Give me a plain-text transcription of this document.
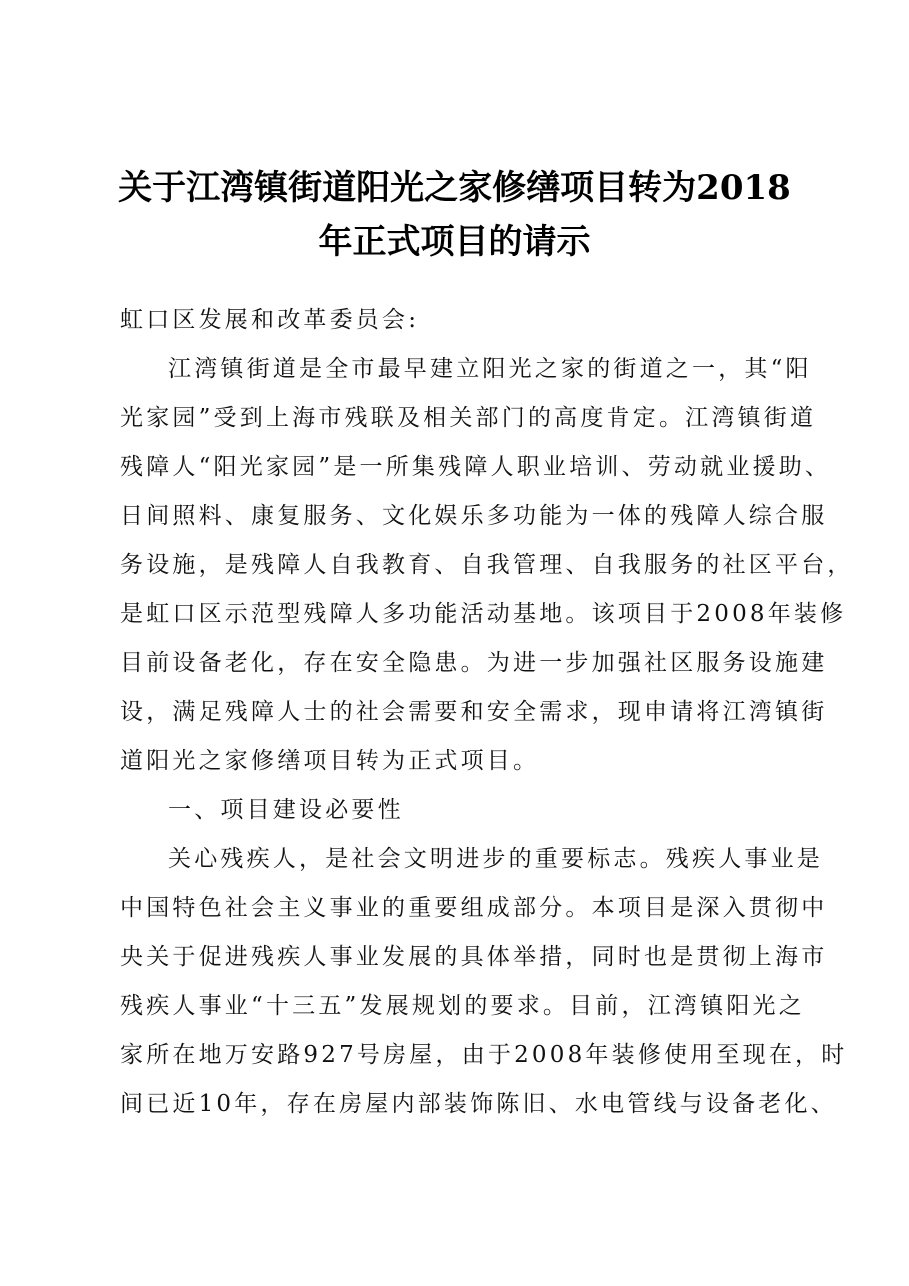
关于江湾镇街道阳光之家修缮项目转为2018
年正式项目的请示
虹口区发展和改革委员会:
江湾镇街道是全市最早建立阳光之家的街道之一，其“阳
光家园”受到上海市残联及相关部门的高度肯定。江湾镇街道
残障人“阳光家园”是一所集残障人职业培训、劳动就业援助、
日间照料、康复服务、文化娱乐多功能为一体的残障人综合服
务设施，是残障人自我教育、自我管理、自我服务的社区平台，
是虹口区示范型残障人多功能活动基地。该项目于2008年装修
目前设备老化，存在安全隐患。为进一步加强社区服务设施建
设，满足残障人士的社会需要和安全需求，现申请将江湾镇街
道阳光之家修缮项目转为正式项目。
一、项目建设必要性
关心残疾人，是社会文明进步的重要标志。残疾人事业是
中国特色社会主义事业的重要组成部分。本项目是深入贯彻中
央关于促进残疾人事业发展的具体举措，同时也是贯彻上海市
残疾人事业“十三五”发展规划的要求。目前，江湾镇阳光之
家所在地万安路927号房屋，由于2008年装修使用至现在，时
间已近10年，存在房屋内部装饰陈旧、水电管线与设备老化、
